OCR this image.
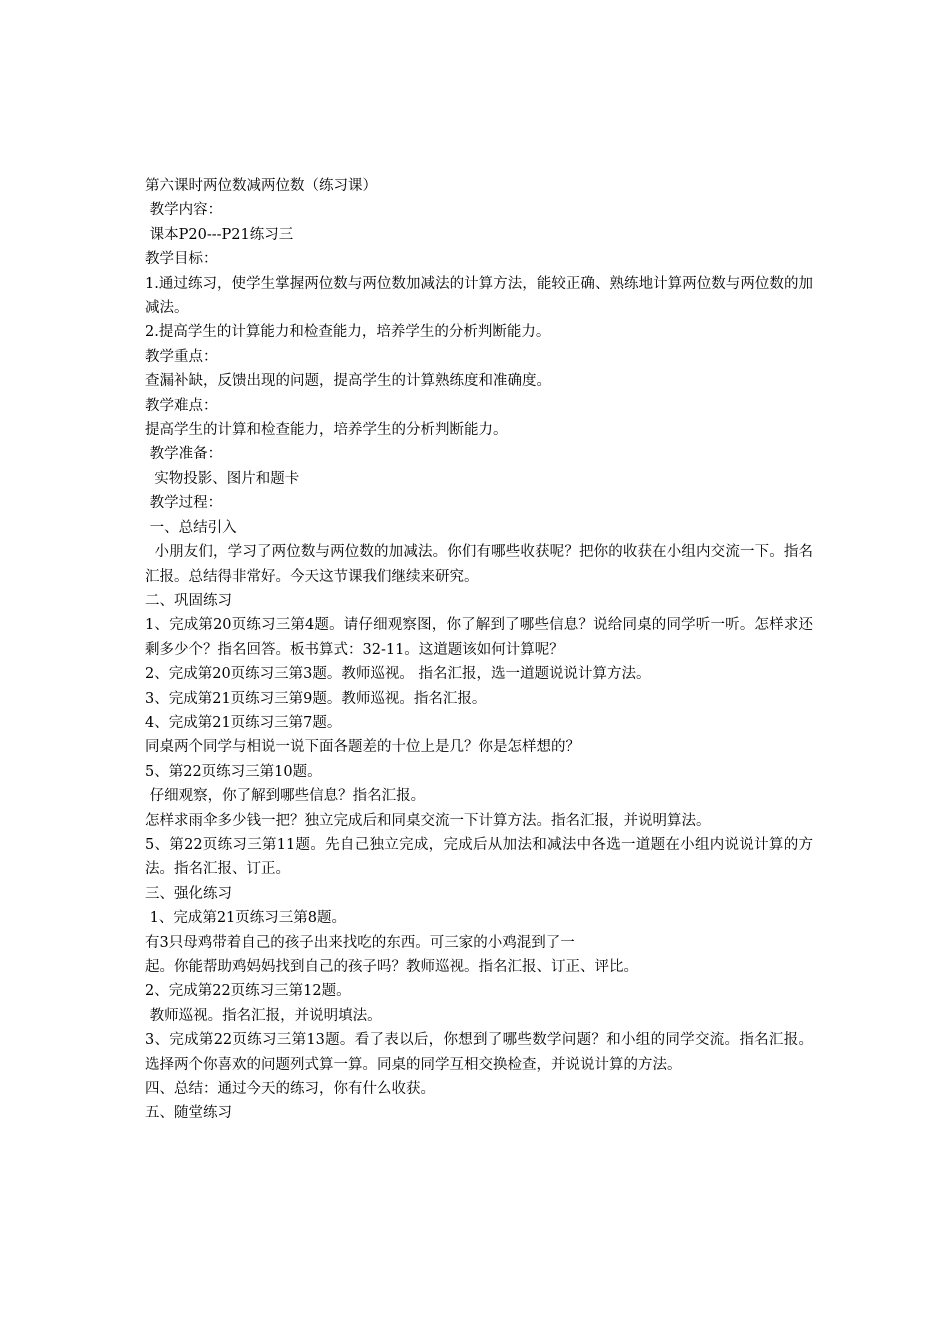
第六课时两位数减两位数（练习课）
教学内容：
课本P20---P21练习三
教学目标：
1.通过练习，使学生掌握两位数与两位数加减法的计算方法，能较正确、熟练地计算两位数与两位数的加减法。
2.提高学生的计算能力和检查能力，培养学生的分析判断能力。
教学重点：
查漏补缺，反馈出现的问题，提高学生的计算熟练度和准确度。
教学难点：
提高学生的计算和检查能力，培养学生的分析判断能力。
教学准备：
实物投影、图片和题卡
教学过程：
一、总结引入
小朋友们，学习了两位数与两位数的加减法。你们有哪些收获呢？把你的收获在小组内交流一下。指名汇报。总结得非常好。今天这节课我们继续来研究。
二、巩固练习
1、完成第20页练习三第4题。请仔细观察图，你了解到了哪些信息？说给同桌的同学听一听。怎样求还剩多少个？指名回答。板书算式：32-11。这道题该如何计算呢？
2、完成第20页练习三第3题。教师巡视。 指名汇报，选一道题说说计算方法。
3、完成第21页练习三第9题。教师巡视。指名汇报。
4、完成第21页练习三第7题。
同桌两个同学与相说一说下面各题差的十位上是几？你是怎样想的？
5、第22页练习三第10题。
仔细观察，你了解到哪些信息？指名汇报。
怎样求雨伞多少钱一把？独立完成后和同桌交流一下计算方法。指名汇报，并说明算法。
5、第22页练习三第11题。先自己独立完成，完成后从加法和减法中各选一道题在小组内说说计算的方法。指名汇报、订正。
三、强化练习
1、完成第21页练习三第8题。
有3只母鸡带着自己的孩子出来找吃的东西。可三家的小鸡混到了一
起。你能帮助鸡妈妈找到自己的孩子吗？教师巡视。指名汇报、订正、评比。
2、完成第22页练习三第12题。
教师巡视。指名汇报，并说明填法。
3、完成第22页练习三第13题。看了表以后，你想到了哪些数学问题？和小组的同学交流。指名汇报。选择两个你喜欢的问题列式算一算。同桌的同学互相交换检查，并说说计算的方法。
四、总结：通过今天的练习，你有什么收获。
五、随堂练习
